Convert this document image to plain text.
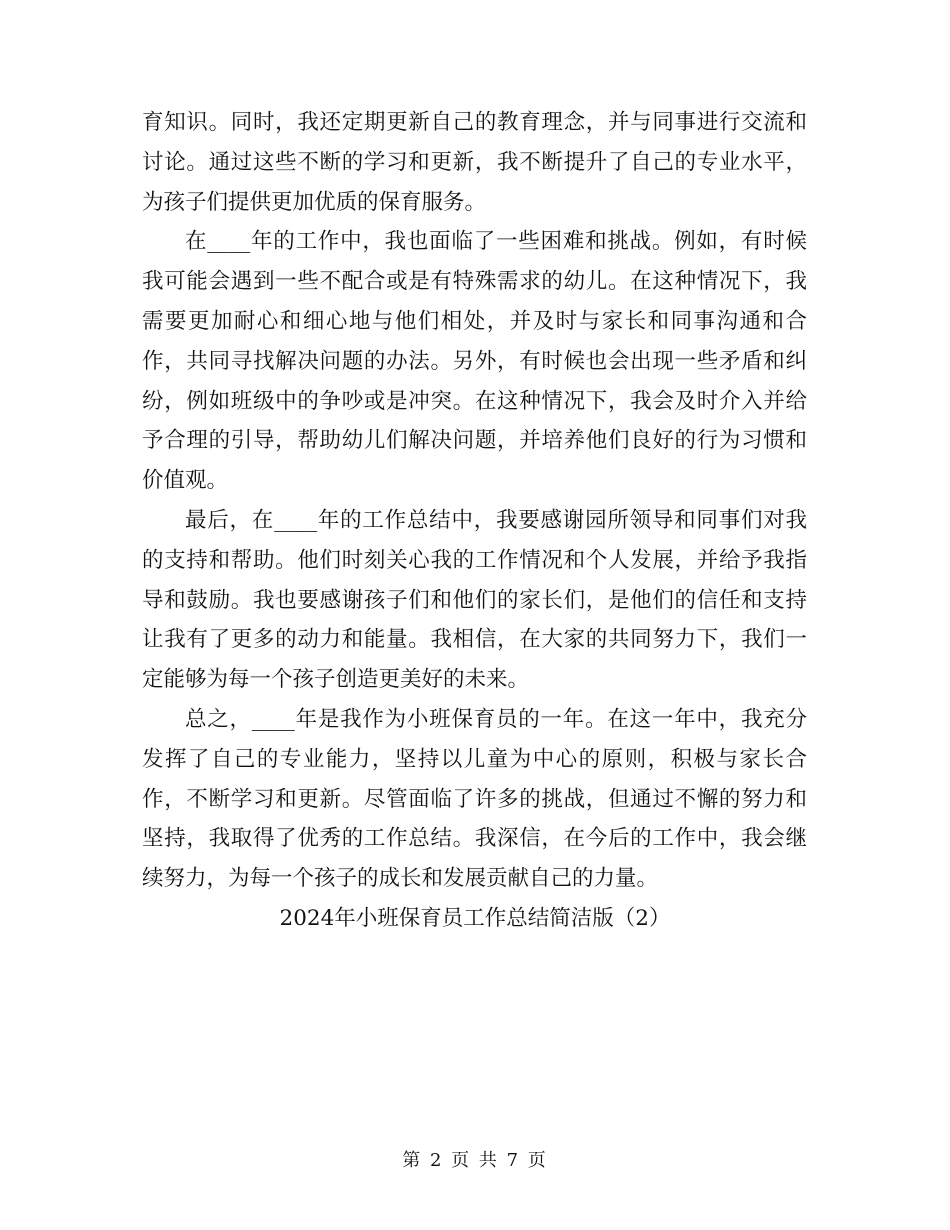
育知识。同时，我还定期更新自己的教育理念，并与同事进行交流和讨论。通过这些不断的学习和更新，我不断提升了自己的专业水平，为孩子们提供更加优质的保育服务。

在____年的工作中，我也面临了一些困难和挑战。例如，有时候我可能会遇到一些不配合或是有特殊需求的幼儿。在这种情况下，我需要更加耐心和细心地与他们相处，并及时与家长和同事沟通和合作，共同寻找解决问题的办法。另外，有时候也会出现一些矛盾和纠纷，例如班级中的争吵或是冲突。在这种情况下，我会及时介入并给予合理的引导，帮助幼儿们解决问题，并培养他们良好的行为习惯和价值观。

最后，在____年的工作总结中，我要感谢园所领导和同事们对我的支持和帮助。他们时刻关心我的工作情况和个人发展，并给予我指导和鼓励。我也要感谢孩子们和他们的家长们，是他们的信任和支持让我有了更多的动力和能量。我相信，在大家的共同努力下，我们一定能够为每一个孩子创造更美好的未来。

总之，____年是我作为小班保育员的一年。在这一年中，我充分发挥了自己的专业能力，坚持以儿童为中心的原则，积极与家长合作，不断学习和更新。尽管面临了许多的挑战，但通过不懈的努力和坚持，我取得了优秀的工作总结。我深信，在今后的工作中，我会继续努力，为每一个孩子的成长和发展贡献自己的力量。

2024年小班保育员工作总结简洁版（2）
第 2 页 共 7 页
